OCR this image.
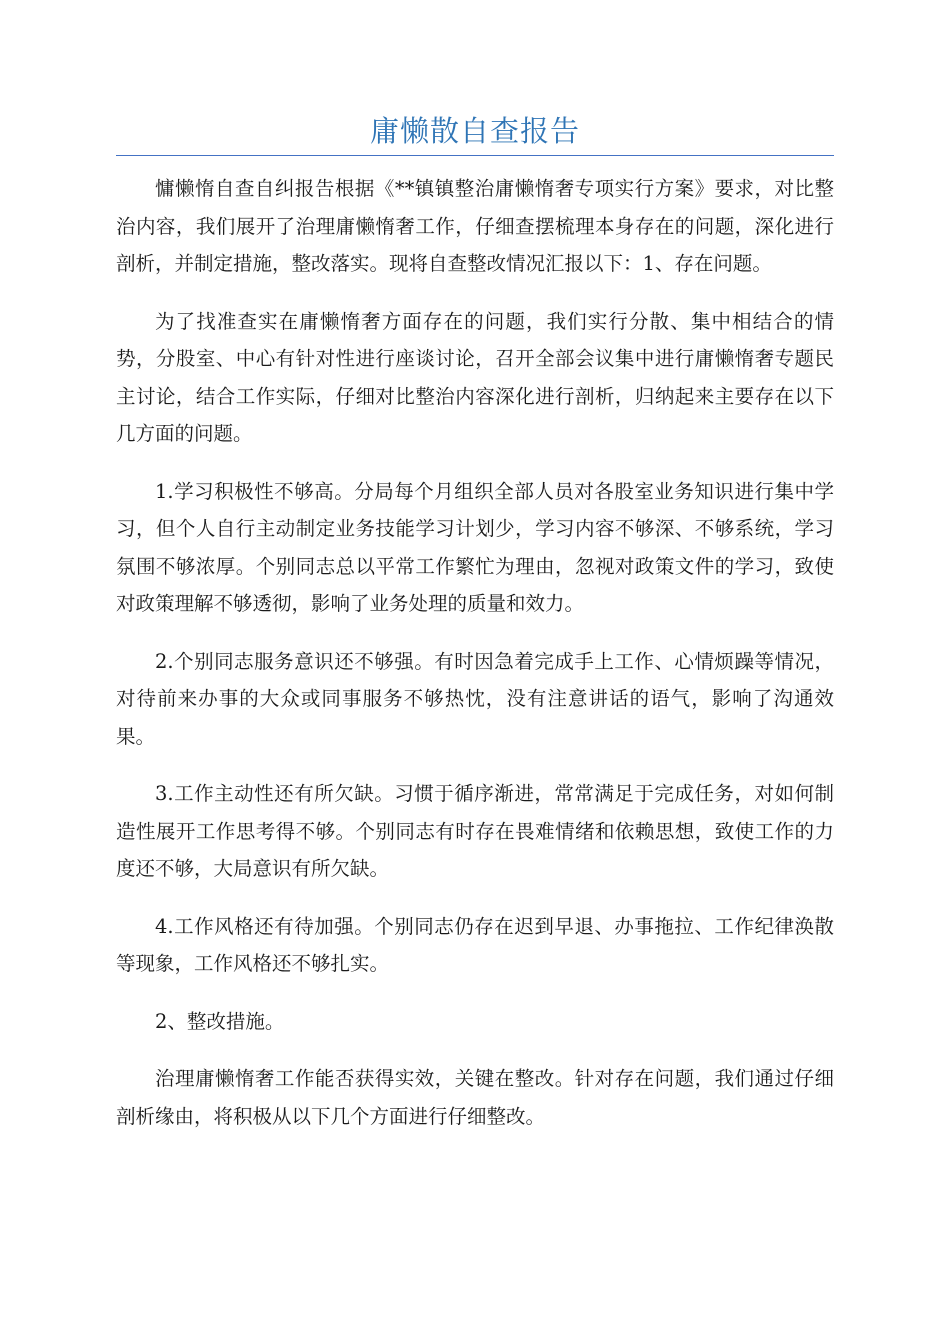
庸懒散自查报告

慵懒惰自查自纠报告根据《**镇镇整治庸懒惰奢专项实行方案》要求，对比整治内容，我们展开了治理庸懒惰奢工作，仔细查摆梳理本身存在的问题，深化进行剖析，并制定措施，整改落实。现将自查整改情况汇报以下：1、存在问题。

为了找准查实在庸懒惰奢方面存在的问题，我们实行分散、集中相结合的情势，分股室、中心有针对性进行座谈讨论，召开全部会议集中进行庸懒惰奢专题民主讨论，结合工作实际，仔细对比整治内容深化进行剖析，归纳起来主要存在以下几方面的问题。

1.学习积极性不够高。分局每个月组织全部人员对各股室业务知识进行集中学习，但个人自行主动制定业务技能学习计划少，学习内容不够深、不够系统，学习氛围不够浓厚。个别同志总以平常工作繁忙为理由，忽视对政策文件的学习，致使对政策理解不够透彻，影响了业务处理的质量和效力。

2.个别同志服务意识还不够强。有时因急着完成手上工作、心情烦躁等情况，对待前来办事的大众或同事服务不够热忱，没有注意讲话的语气，影响了沟通效果。

3.工作主动性还有所欠缺。习惯于循序渐进，常常满足于完成任务，对如何制造性展开工作思考得不够。个别同志有时存在畏难情绪和依赖思想，致使工作的力度还不够，大局意识有所欠缺。

4.工作风格还有待加强。个别同志仍存在迟到早退、办事拖拉、工作纪律涣散等现象，工作风格还不够扎实。

2、整改措施。

治理庸懒惰奢工作能否获得实效，关键在整改。针对存在问题，我们通过仔细剖析缘由，将积极从以下几个方面进行仔细整改。
